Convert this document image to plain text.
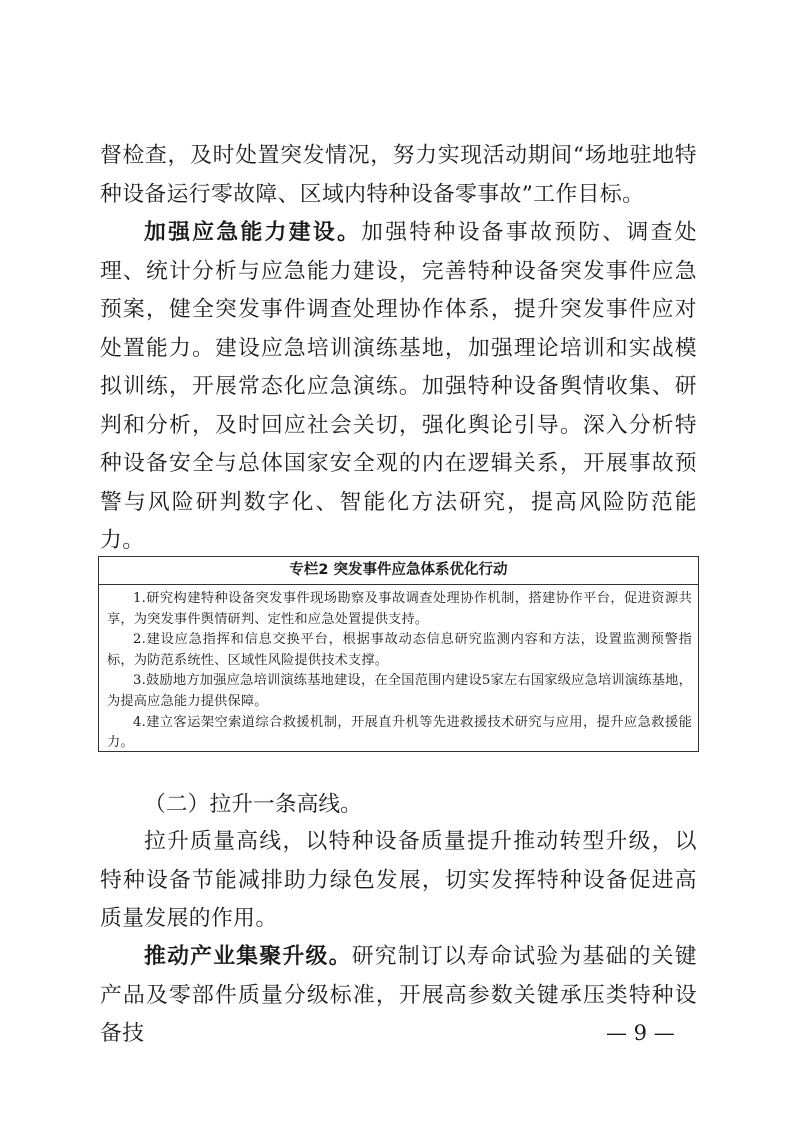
督检查，及时处置突发情况，努力实现活动期间“场地驻地特种设备运行零故障、区域内特种设备零事故”工作目标。

加强应急能力建设。加强特种设备事故预防、调查处理、统计分析与应急能力建设，完善特种设备突发事件应急预案，健全突发事件调查处理协作体系，提升突发事件应对处置能力。建设应急培训演练基地，加强理论培训和实战模拟训练，开展常态化应急演练。加强特种设备舆情收集、研判和分析，及时回应社会关切，强化舆论引导。深入分析特种设备安全与总体国家安全观的内在逻辑关系，开展事故预警与风险研判数字化、智能化方法研究，提高风险防范能力。

专栏2 突发事件应急体系优化行动

1.研究构建特种设备突发事件现场勘察及事故调查处理协作机制，搭建协作平台，促进资源共享，为突发事件舆情研判、定性和应急处置提供支持。

2.建设应急指挥和信息交换平台，根据事故动态信息研究监测内容和方法，设置监测预警指标，为防范系统性、区域性风险提供技术支撑。

3.鼓励地方加强应急培训演练基地建设，在全国范围内建设5家左右国家级应急培训演练基地，为提高应急能力提供保障。

4.建立客运架空索道综合救援机制，开展直升机等先进救援技术研究与应用，提升应急救援能力。

（二）拉升一条高线。

拉升质量高线，以特种设备质量提升推动转型升级，以特种设备节能减排助力绿色发展，切实发挥特种设备促进高质量发展的作用。

推动产业集聚升级。研究制订以寿命试验为基础的关键产品及零部件质量分级标准，开展高参数关键承压类特种设备技	— 9 —
